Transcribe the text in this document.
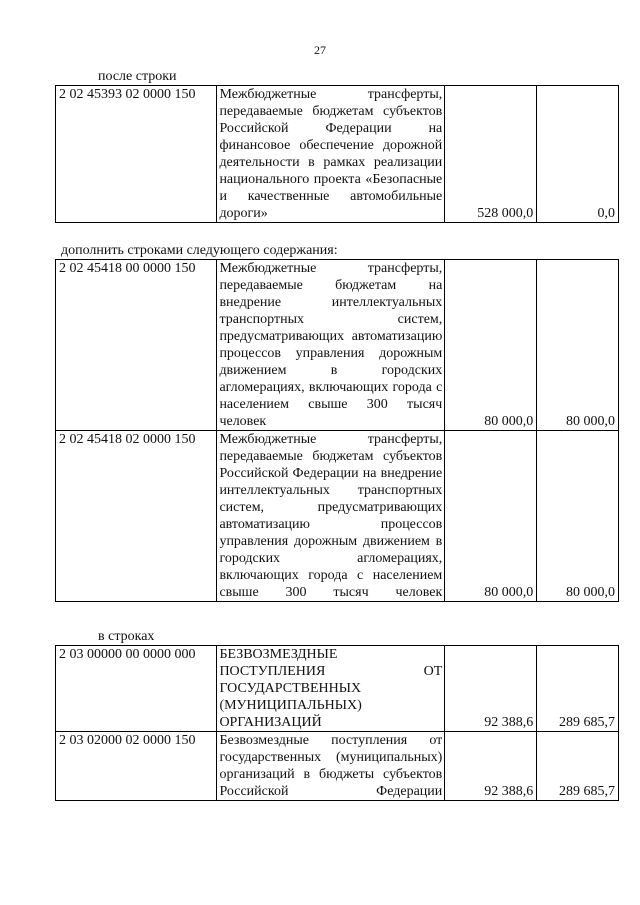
27
после строки
2 02 45393 02 0000 150	Межбюджетные трансферты, передаваемые бюджетам субъектов Российской Федерации на финансовое обеспечение дорожной деятельности в рамках реализации национального проекта «Безопасные и качественные автомобильные дороги»	528 000,0	0,0
дополнить строками следующего содержания:
2 02 45418 00 0000 150	Межбюджетные трансферты, передаваемые бюджетам на внедрение интеллектуальных транспортных систем, предусматривающих автоматизацию процессов управления дорожным движением в городских агломерациях, включающих города с населением свыше 300 тысяч человек	80 000,0	80 000,0
2 02 45418 02 0000 150	Межбюджетные трансферты, передаваемые бюджетам субъектов Российской Федерации на внедрение интеллектуальных транспортных систем, предусматривающих автоматизацию процессов управления дорожным движением в городских агломерациях, включающих города с населением свыше 300 тысяч человек	80 000,0	80 000,0
в строках
2 03 00000 00 0000 000	БЕЗВОЗМЕЗДНЫЕ ПОСТУПЛЕНИЯ ОТ ГОСУДАРСТВЕННЫХ (МУНИЦИПАЛЬНЫХ) ОРГАНИЗАЦИЙ	92 388,6	289 685,7
2 03 02000 02 0000 150	Безвозмездные поступления от государственных (муниципальных) организаций в бюджеты субъектов Российской Федерации	92 388,6	289 685,7
